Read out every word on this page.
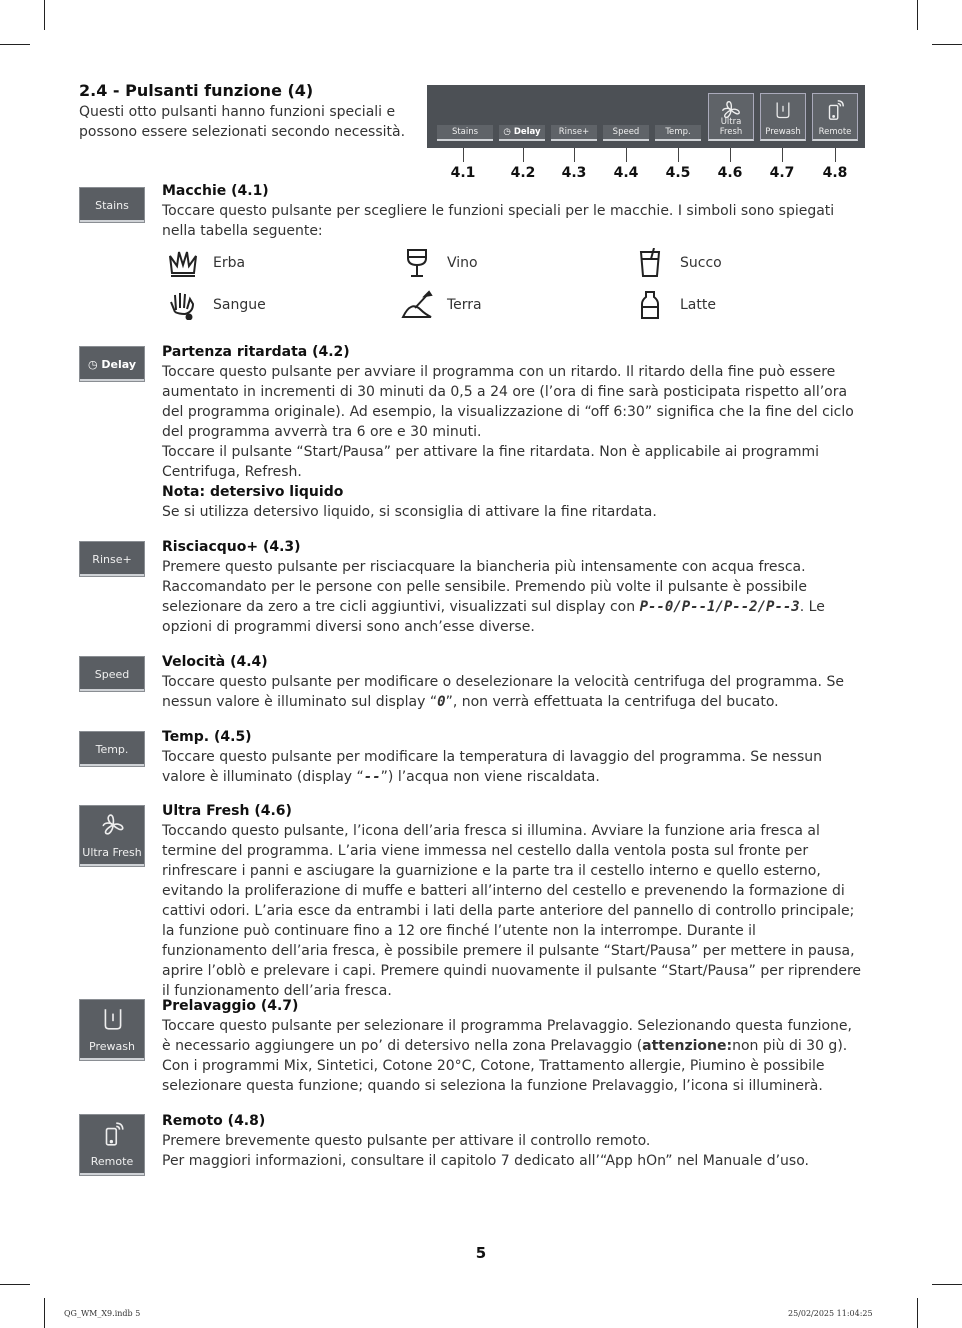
2.4 - Pulsanti funzione (4)
Questi otto pulsanti hanno funzioni speciali e possono essere selezionati secondo necessità.	Stains	◷ Delay	Rinse+	Speed	Temp.
Ultra Fresh	Prewash	Remote
4.1	4.2	4.3	4.4	4.5	4.6	4.7	4.8
Stains
Macchie (4.1)
Toccare questo pulsante per scegliere le funzioni speciali per le macchie. I simboli sono spiegati nella tabella seguente:
Erba	Vino	Succo
Sangue	Terra	Latte
◷ Delay
Partenza ritardata (4.2)
Toccare questo pulsante per avviare il programma con un ritardo. Il ritardo della fine può essere aumentato in incrementi di 30 minuti da 0,5 a 24 ore (l’ora di fine sarà posticipata rispetto all’ora del programma originale). Ad esempio, la visualizzazione di “off 6:30” significa che la fine del ciclo del programma avverrà tra 6 ore e 30 minuti.
Toccare il pulsante “Start/Pausa” per attivare la fine ritardata. Non è applicabile ai programmi Centrifuga, Refresh.
Nota: detersivo liquido
Se si utilizza detersivo liquido, si sconsiglia di attivare la fine ritardata.
Rinse+
Risciacquo+ (4.3)
Premere questo pulsante per risciacquare la biancheria più intensamente con acqua fresca. Raccomandato per le persone con pelle sensibile. Premendo più volte il pulsante è possibile selezionare da zero a tre cicli aggiuntivi, visualizzati sul display con P--0/P--1/P--2/P--3. Le opzioni di programmi diversi sono anch’esse diverse.
Speed
Velocità (4.4)
Toccare questo pulsante per modificare o deselezionare la velocità centrifuga del programma. Se nessun valore è illuminato sul display “0”, non verrà effettuata la centrifuga del bucato.
Temp.
Temp. (4.5)
Toccare questo pulsante per modificare la temperatura di lavaggio del programma. Se nessun valore è illuminato (display “--”) l’acqua non viene riscaldata.
Ultra Fresh
Ultra Fresh (4.6)
Toccando questo pulsante, l’icona dell’aria fresca si illumina. Avviare la funzione aria fresca al termine del programma. L’aria viene immessa nel cestello dalla ventola posta sul fronte per rinfrescare i panni e asciugare la guarnizione e la parte tra il cestello interno e quello esterno, evitando la proliferazione di muffe e batteri all’interno del cestello e prevenendo la formazione di cattivi odori. L’aria esce da entrambi i lati della parte anteriore del pannello di controllo principale; la funzione può continuare fino a 12 ore finché l’utente non la interrompe. Durante il funzionamento dell’aria fresca, è possibile premere il pulsante “Start/Pausa” per mettere in pausa, aprire l’oblò e prelevare i capi. Premere quindi nuovamente il pulsante “Start/Pausa” per riprendere il funzionamento dell’aria fresca.
Prewash
Prelavaggio (4.7)
Toccare questo pulsante per selezionare il programma Prelavaggio. Selezionando questa funzione, è necessario aggiungere un po’ di detersivo nella zona Prelavaggio (attenzione:non più di 30 g). Con i programmi Mix, Sintetici, Cotone 20°C, Cotone, Trattamento allergie, Piumino è possibile selezionare questa funzione; quando si seleziona la funzione Prelavaggio, l’icona si illuminerà.
Remote
Remoto (4.8)
Premere brevemente questo pulsante per attivare il controllo remoto.
Per maggiori informazioni, consultare il capitolo 7 dedicato all’“App hOn” nel Manuale d’uso.
5
QG_WM_X9.indb 5	25/02/2025 11:04:25
